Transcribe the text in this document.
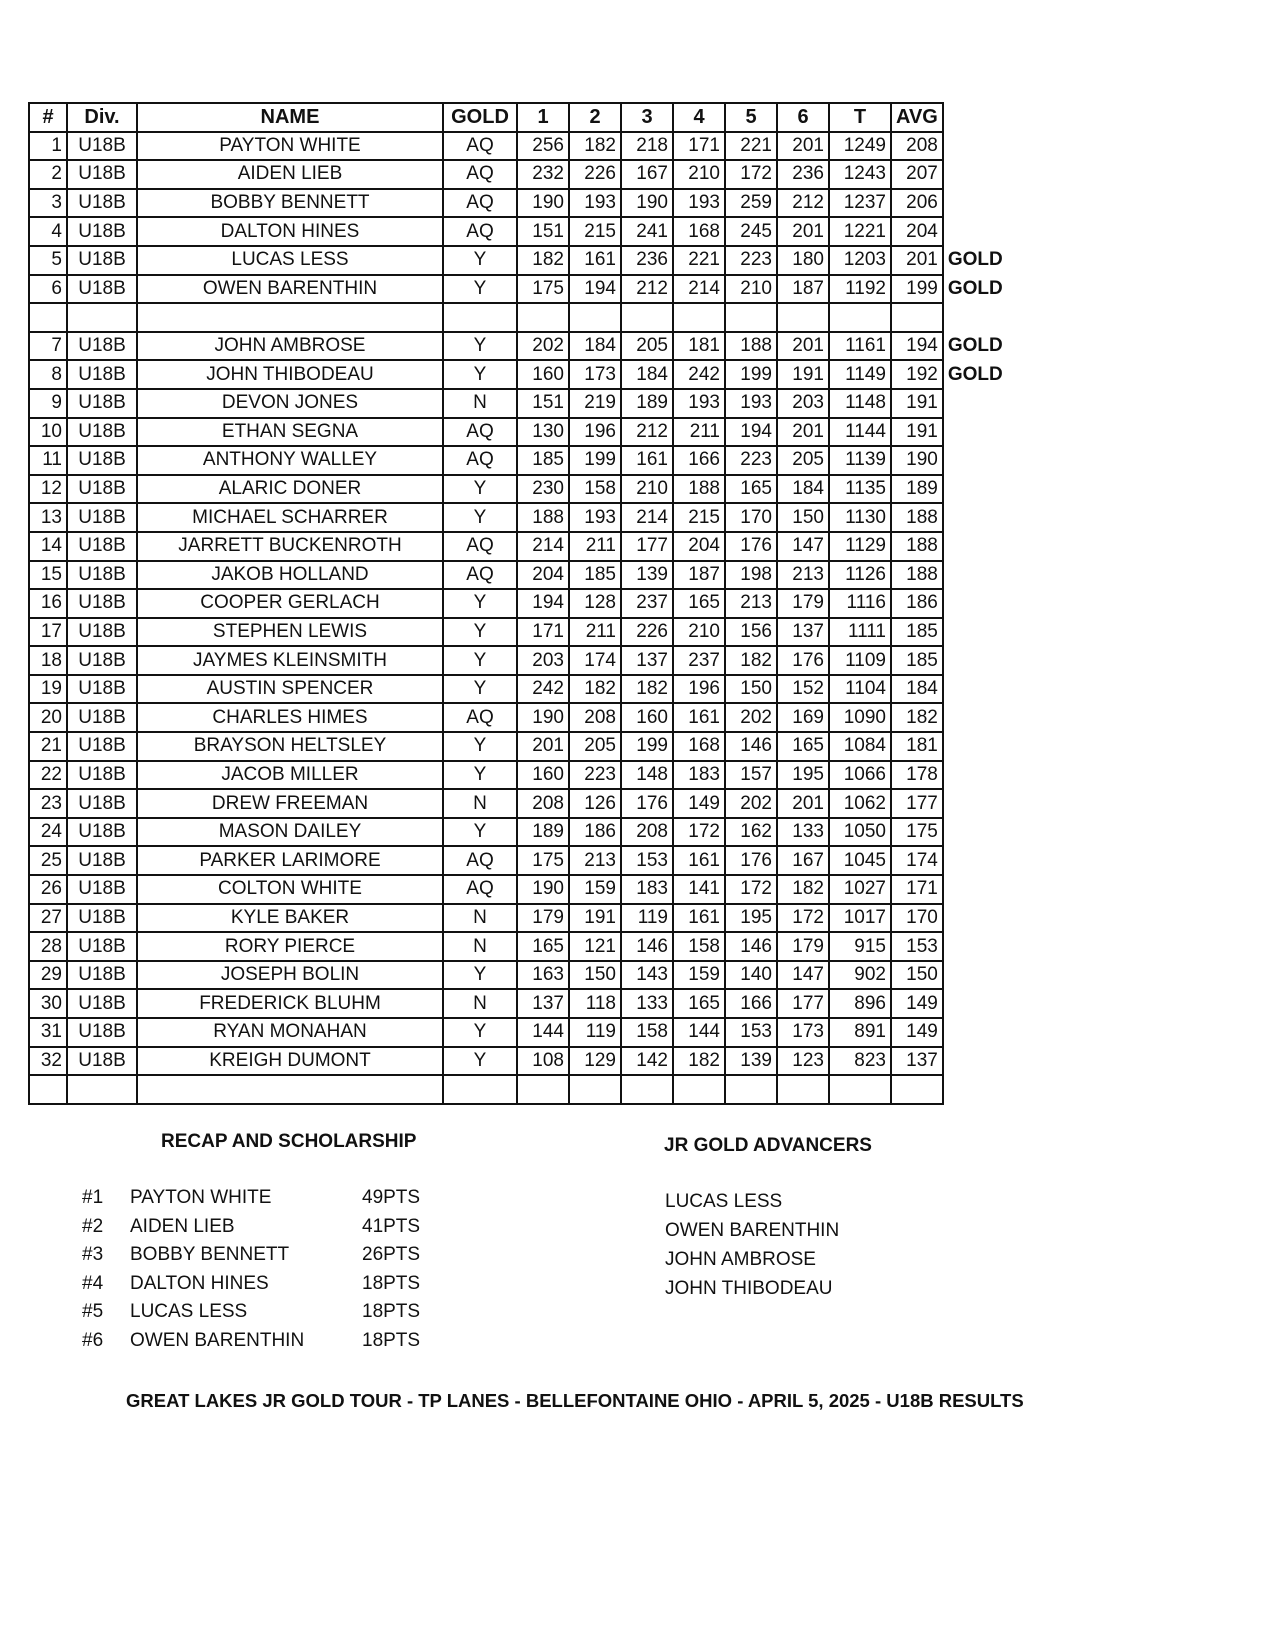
#	Div.	NAME	GOLD	1	2	3	4	5	6	T	AVG	
1	U18B	PAYTON WHITE	AQ	256	182	218	171	221	201	1249	208	
2	U18B	AIDEN LIEB	AQ	232	226	167	210	172	236	1243	207	
3	U18B	BOBBY BENNETT	AQ	190	193	190	193	259	212	1237	206	
4	U18B	DALTON HINES	AQ	151	215	241	168	245	201	1221	204	
5	U18B	LUCAS LESS	Y	182	161	236	221	223	180	1203	201	GOLD
6	U18B	OWEN BARENTHIN	Y	175	194	212	214	210	187	1192	199	GOLD

7	U18B	JOHN AMBROSE	Y	202	184	205	181	188	201	1161	194	GOLD
8	U18B	JOHN THIBODEAU	Y	160	173	184	242	199	191	1149	192	GOLD
9	U18B	DEVON JONES	N	151	219	189	193	193	203	1148	191	
10	U18B	ETHAN SEGNA	AQ	130	196	212	211	194	201	1144	191	
11	U18B	ANTHONY WALLEY	AQ	185	199	161	166	223	205	1139	190	
12	U18B	ALARIC DONER	Y	230	158	210	188	165	184	1135	189	
13	U18B	MICHAEL SCHARRER	Y	188	193	214	215	170	150	1130	188	
14	U18B	JARRETT BUCKENROTH	AQ	214	211	177	204	176	147	1129	188	
15	U18B	JAKOB HOLLAND	AQ	204	185	139	187	198	213	1126	188	
16	U18B	COOPER GERLACH	Y	194	128	237	165	213	179	1116	186	
17	U18B	STEPHEN LEWIS	Y	171	211	226	210	156	137	1111	185	
18	U18B	JAYMES KLEINSMITH	Y	203	174	137	237	182	176	1109	185	
19	U18B	AUSTIN SPENCER	Y	242	182	182	196	150	152	1104	184	
20	U18B	CHARLES HIMES	AQ	190	208	160	161	202	169	1090	182	
21	U18B	BRAYSON HELTSLEY	Y	201	205	199	168	146	165	1084	181	
22	U18B	JACOB MILLER	Y	160	223	148	183	157	195	1066	178	
23	U18B	DREW FREEMAN	N	208	126	176	149	202	201	1062	177	
24	U18B	MASON DAILEY	Y	189	186	208	172	162	133	1050	175	
25	U18B	PARKER LARIMORE	AQ	175	213	153	161	176	167	1045	174	
26	U18B	COLTON WHITE	AQ	190	159	183	141	172	182	1027	171	
27	U18B	KYLE BAKER	N	179	191	119	161	195	172	1017	170	
28	U18B	RORY PIERCE	N	165	121	146	158	146	179	915	153	
29	U18B	JOSEPH BOLIN	Y	163	150	143	159	140	147	902	150	
30	U18B	FREDERICK BLUHM	N	137	118	133	165	166	177	896	149	
31	U18B	RYAN MONAHAN	Y	144	119	158	144	153	173	891	149	
32	U18B	KREIGH DUMONT	Y	108	129	142	182	139	123	823	137	

RECAP AND SCHOLARSHIP
#1 PAYTON WHITE	49PTS
#2 AIDEN LIEB	41PTS
#3 BOBBY BENNETT	26PTS
#4 DALTON HINES	18PTS
#5 LUCAS LESS	18PTS
#6 OWEN BARENTHIN	18PTS
JR GOLD ADVANCERS
LUCAS LESS
OWEN BARENTHIN
JOHN AMBROSE
JOHN THIBODEAU
GREAT LAKES JR GOLD TOUR - TP LANES - BELLEFONTAINE OHIO - APRIL 5, 2025 - U18B RESULTS
